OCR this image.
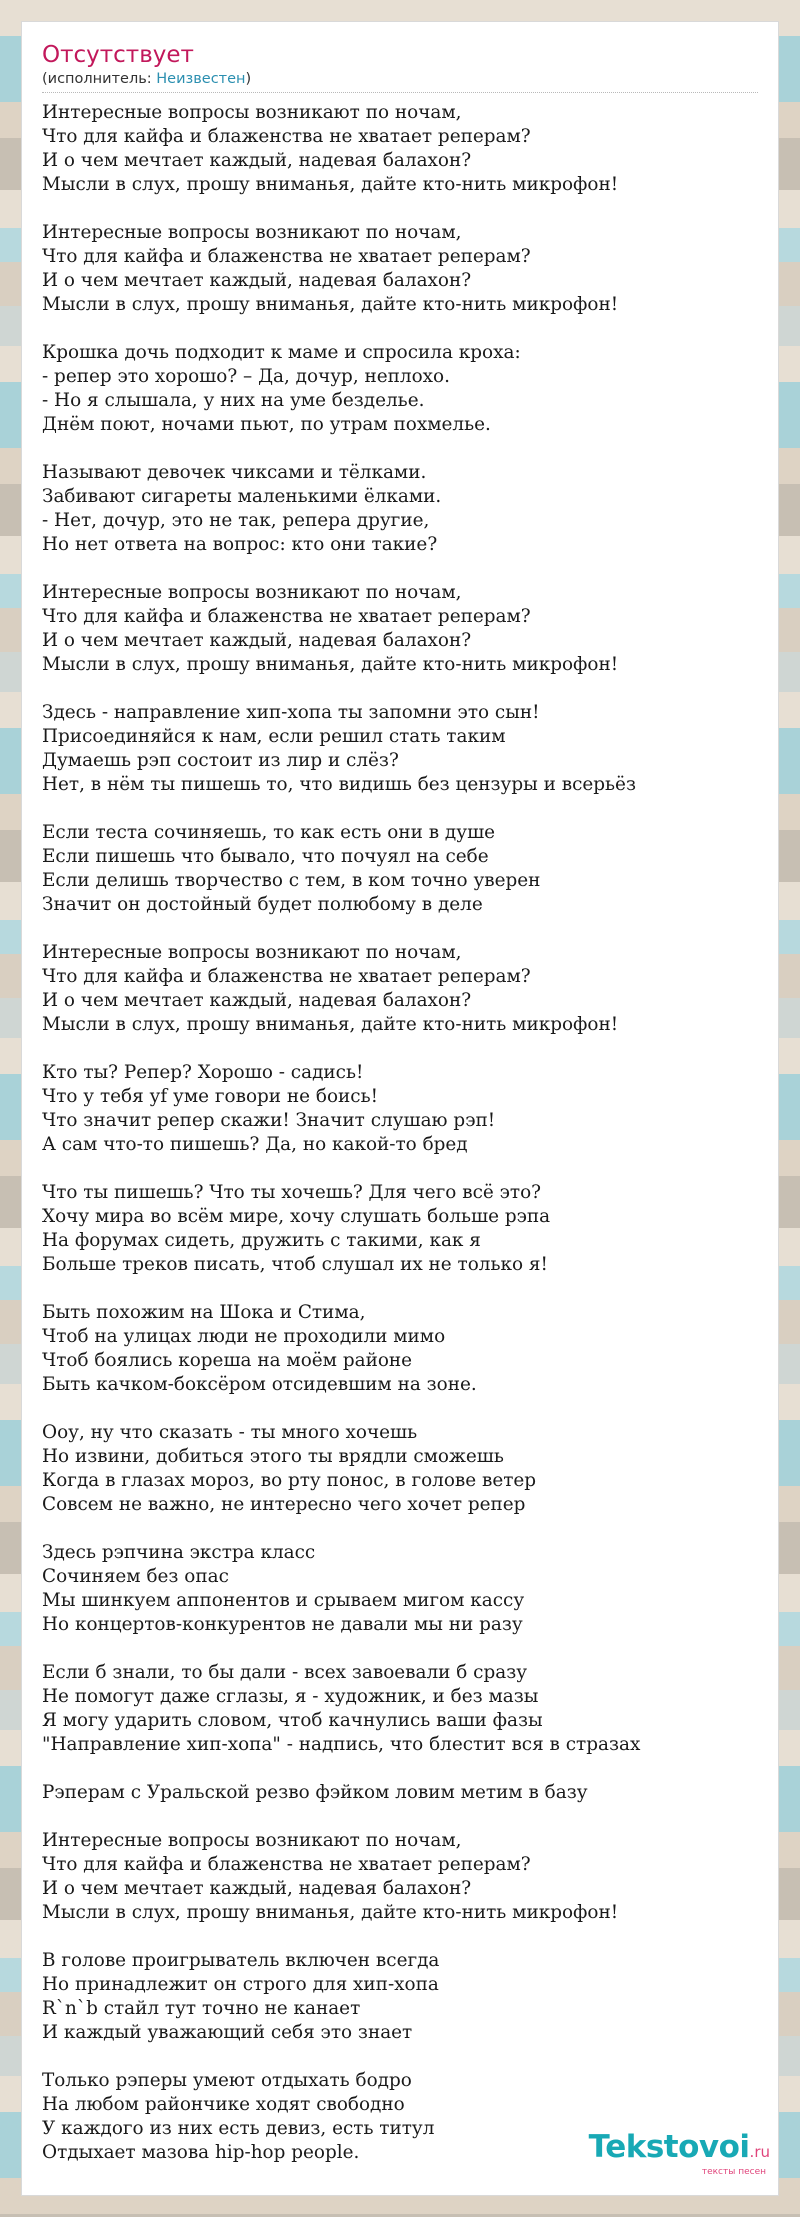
Отсутствует
(исполнитель: Неизвестен)
Интересные вопросы возникают по ночам,
Что для кайфа и блаженства не хватает реперам?
И о чем мечтает каждый, надевая балахон?
Мысли в слух, прошу вниманья, дайте кто-нить микрофон!
Интересные вопросы возникают по ночам,
Что для кайфа и блаженства не хватает реперам?
И о чем мечтает каждый, надевая балахон?
Мысли в слух, прошу вниманья, дайте кто-нить микрофон!
Крошка дочь подходит к маме и спросила кроха:
- репер это хорошо? – Да, дочур, неплохо.
- Но я слышала, у них на уме безделье.
Днём поют, ночами пьют, по утрам похмелье.
Называют девочек чиксами и тёлками.
Забивают сигареты маленькими ёлками.
- Нет, дочур, это не так, репера другие,
Но нет ответа на вопрос: кто они такие?
Интересные вопросы возникают по ночам,
Что для кайфа и блаженства не хватает реперам?
И о чем мечтает каждый, надевая балахон?
Мысли в слух, прошу вниманья, дайте кто-нить микрофон!
Здесь - направление хип-хопа ты запомни это сын!
Присоединяйся к нам, если решил стать таким
Думаешь рэп состоит из лир и слёз?
Нет, в нём ты пишешь то, что видишь без цензуры и всерьёз
Если теста сочиняешь, то как есть они в душе
Если пишешь что бывало, что почуял на себе
Если делишь творчество с тем, в ком точно уверен
Значит он достойный будет полюбому в деле
Интересные вопросы возникают по ночам,
Что для кайфа и блаженства не хватает реперам?
И о чем мечтает каждый, надевая балахон?
Мысли в слух, прошу вниманья, дайте кто-нить микрофон!
Кто ты? Репер? Хорошо - садись!
Что у тебя уf уме говори не боись!
Что значит репер скажи! Значит слушаю рэп!
А сам что-то пишешь? Да, но какой-то бред
Что ты пишешь? Что ты хочешь? Для чего всё это?
Хочу мира во всём мире, хочу слушать больше рэпа
На форумах сидеть, дружить с такими, как я
Больше треков писать, чтоб слушал их не только я!
Быть похожим на Шока и Стима,
Чтоб на улицах люди не проходили мимо
Чтоб боялись кореша на моём районе
Быть качком-боксёром отсидевшим на зоне.
Ооу, ну что сказать - ты много хочешь
Но извини, добиться этого ты врядли сможешь
Когда в глазах мороз, во рту понос, в голове ветер
Совсем не важно, не интересно чего хочет репер
Здесь рэпчина экстра класс
Сочиняем без опас
Мы шинкуем аппонентов и срываем мигом кассу
Но концертов-конкурентов не давали мы ни разу
Если б знали, то бы дали - всех завоевали б сразу
Не помогут даже сглазы, я - художник, и без мазы
Я могу ударить словом, чтоб качнулись ваши фазы
"Направление хип-хопа" - надпись, что блестит вся в стразах
Рэперам с Уральской резво фэйком ловим метим в базу
Интересные вопросы возникают по ночам,
Что для кайфа и блаженства не хватает реперам?
И о чем мечтает каждый, надевая балахон?
Мысли в слух, прошу вниманья, дайте кто-нить микрофон!
В голове проигрыватель включен всегда
Но принадлежит он строго для хип-хопа
R`n`b стайл тут точно не канает
И каждый уважающий себя это знает
Только рэперы умеют отдыхать бодро
На любом райончике ходят свободно
У каждого из них есть девиз, есть титул
Отдыхает мазова hip-hop people.	Tekstovoi.ru
тексты песен
